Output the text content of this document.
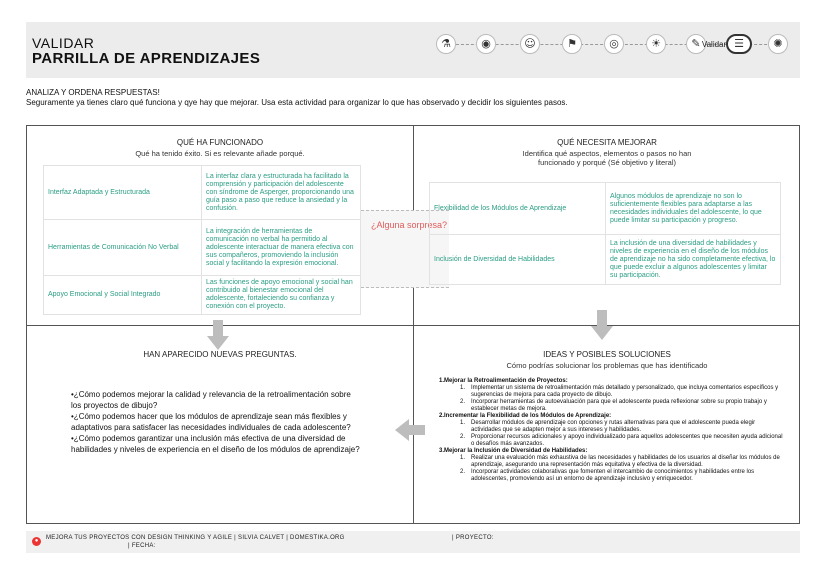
VALIDAR
PARRILLA DE APRENDIZAJES
⚗	◉	☺	⚑	◎	☀	✎	☰	✺
Validar
ANALIZA Y ORDENA RESPUESTAS!
Seguramente ya tienes claro qué funciona y qye hay que mejorar. Usa esta actividad para organizar lo que has observado y decidir los siguientes pasos.
QUÉ HA FUNCIONADO
Qué ha tenido éxito. Si es relevante añade porqué.
Interfaz Adaptada y Estructurada	La interfaz clara y estructurada ha facilitado la comprensión y participación del adolescente con síndrome de Asperger, proporcionando una guía paso a paso que reduce la ansiedad y la confusión.
Herramientas de Comunicación No Verbal	La integración de herramientas de comunicación no verbal ha permitido al adolescente interactuar de manera efectiva con sus compañeros, promoviendo la inclusión social y facilitando la expresión emocional.
Apoyo Emocional y Social Integrado	Las funciones de apoyo emocional y social han contribuido al bienestar emocional del adolescente, fortaleciendo su confianza y conexión con el proyecto.
QUÉ NECESITA MEJORAR
Identifica qué aspectos, elementos o pasos no han
funcionado y porqué (Sé objetivo y literal)
¿Alguna sorpresa?
Flexibilidad de los Módulos de Aprendizaje	Algunos módulos de aprendizaje no son lo suficientemente flexibles para adaptarse a las necesidades individuales del adolescente, lo que puede limitar su participación y progreso.
Inclusión de Diversidad de Habilidades	La inclusión de una diversidad de habilidades y niveles de experiencia en el diseño de los módulos de aprendizaje no ha sido completamente efectiva, lo que puede excluir a algunos adolescentes y limitar su participación.
HAN APARECIDO NUEVAS PREGUNTAS.

•¿Cómo podemos mejorar la calidad y relevancia de la retroalimentación sobre los proyectos de dibujo?

•¿Cómo podemos hacer que los módulos de aprendizaje sean más flexibles y adaptativos para satisfacer las necesidades individuales de cada adolescente?

•¿Cómo podemos garantizar una inclusión más efectiva de una diversidad de habilidades y niveles de experiencia en el diseño de los módulos de aprendizaje?

IDEAS Y POSIBLES SOLUCIONES
Cómo podrías solucionar los problemas que has identificado
1.Mejorar la Retroalimentación de Proyectos:
1.	Implementar un sistema de retroalimentación más detallado y personalizado, que incluya comentarios específicos y sugerencias de mejora para cada proyecto de dibujo.
2.	Incorporar herramientas de autoevaluación para que el adolescente pueda reflexionar sobre su propio trabajo y establecer metas de mejora.
2.Incrementar la Flexibilidad de los Módulos de Aprendizaje:
1.	Desarrollar módulos de aprendizaje con opciones y rutas alternativas para que el adolescente pueda elegir actividades que se adapten mejor a sus intereses y habilidades.
2.	Proporcionar recursos adicionales y apoyo individualizado para aquellos adolescentes que necesiten ayuda adicional o desafíos más avanzados.
3.Mejorar la Inclusión de Diversidad de Habilidades:
1.	Realizar una evaluación más exhaustiva de las necesidades y habilidades de los usuarios al diseñar los módulos de aprendizaje, asegurando una representación más equitativa y efectiva de la diversidad.
2.	Incorporar actividades colaborativas que fomenten el intercambio de conocimientos y habilidades entre los adolescentes, promoviendo así un entorno de aprendizaje inclusivo y enriquecedor.
●	MEJORA TUS PROYECTOS CON DESIGN THINKING Y AGILE | SILVIA CALVET | DOMESTIKA.ORG
| FECHA:
| PROYECTO:
